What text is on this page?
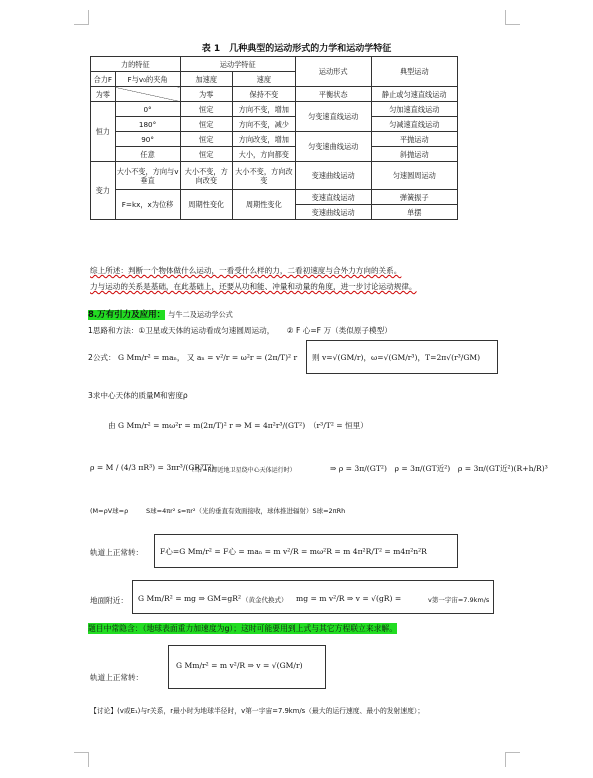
表 1　几种典型的运动形式的力学和运动学特征
力的特征		运动学特征		运动形式	典型运动
合力F	F与v₀的夹角	加速度	速度		
为零		为零	保持不变	平衡状态	静止或匀速直线运动
恒力	0°	恒定	方向不变，增加	匀变速直线运动	匀加速直线运动
	180°	恒定	方向不变，减少		匀减速直线运动
	90°	恒定	方向改变，增加	匀变速曲线运动	平抛运动
	任意	恒定	大小，方向都变		斜抛运动
变力	大小不变，方向与v垂直	大小不变，方向改变	大小不变，方向改变	变速曲线运动	匀速圆周运动
	F=kx，x为位移	周期性变化	周期性变化	变速直线运动	弹簧振子
				变速曲线运动	单摆
综上所述：判断一个物体做什么运动，一看受什么样的力，二看初速度与合外力方向的关系。
力与运动的关系是基础，在此基础上，还要从功和能、冲量和动量的角度，进一步讨论运动规律。
8.万有引力及应用： 与牛二及运动学公式
1思路和方法：①卫星或天体的运动看成匀速圆周运动， ② F 心=F 万（类似原子模型）
2公式： G Mm/r² = maₙ， 又 aₙ = v²/r = ω²r = (2π/T)² r 则 v=√(GM/r)，ω=√(GM/r³)，T=2π√(r³/GM)
3求中心天体的质量M和密度ρ
由 G Mm/r² = mω²r = m(2π/T)² r ⇒ M = 4π²r³/(GT²)　（r³/T² = 恒里）
ρ = M / (4/3 πR³) = 3πr³/(GR³T²)
（当r=R即近地卫星绕中心天体运行时）	⇒ ρ = 3π/(GT²)　ρ = 3π/(GT近²)　ρ = 3π/(GT近²)(R+h/R)³
(M=ρV球=ρ	S球=4πr² s=πr²（光的垂直有效面接收，球体推进辐射）S球=2πRh
轨道上正常转： F心=G Mm/r² = F心 = maₙ = m v²/R = mω²R = m 4π²R/T² = m4π²n²R
地面附近： G Mm/R² = mg ⇒ GM=gR² （黄金代换式） mg = m v²/R ⇒ v = √(gR) =	v第一宇宙=7.9km/s
题目中常隐含：（地球表面重力加速度为g）；这时可能要用到上式与其它方程联立来求解。
轨道上正常转：
G Mm/r² = m v²/R ⇒ v = √(GM/r)
【讨论】(v或E₁)与r关系，r最小时为地球半径时，v第一宇宙=7.9km/s（最大的运行速度、最小的发射速度）；
